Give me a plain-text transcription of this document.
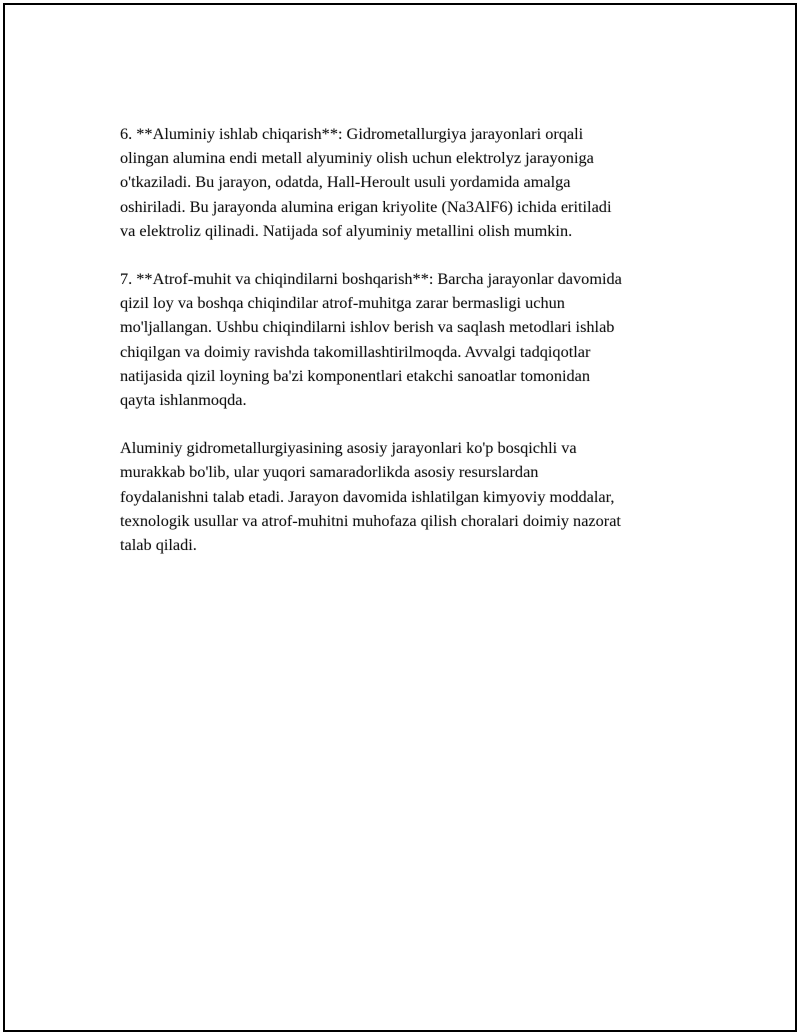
6. **Aluminiy ishlab chiqarish**: Gidrometallurgiya jarayonlari orqali
olingan alumina endi metall alyuminiy olish uchun elektrolyz jarayoniga
o'tkaziladi. Bu jarayon, odatda, Hall-Heroult usuli yordamida amalga
oshiriladi. Bu jarayonda alumina erigan kriyolite (Na3AlF6) ichida eritiladi
va elektroliz qilinadi. Natijada sof alyuminiy metallini olish mumkin.

7. **Atrof-muhit va chiqindilarni boshqarish**: Barcha jarayonlar davomida
qizil loy va boshqa chiqindilar atrof-muhitga zarar bermasligi uchun
mo'ljallangan. Ushbu chiqindilarni ishlov berish va saqlash metodlari ishlab
chiqilgan va doimiy ravishda takomillashtirilmoqda. Avvalgi tadqiqotlar
natijasida qizil loyning ba'zi komponentlari etakchi sanoatlar tomonidan
qayta ishlanmoqda.

Aluminiy gidrometallurgiyasining asosiy jarayonlari ko'p bosqichli va
murakkab bo'lib, ular yuqori samaradorlikda asosiy resurslardan
foydalanishni talab etadi. Jarayon davomida ishlatilgan kimyoviy moddalar,
texnologik usullar va atrof-muhitni muhofaza qilish choralari doimiy nazorat
talab qiladi.
